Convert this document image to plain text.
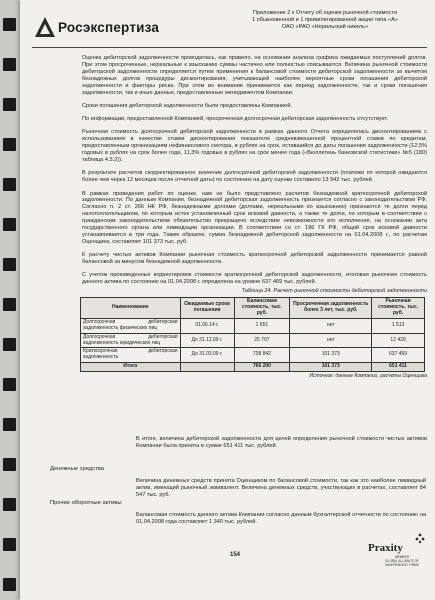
Росэкспертиза
Приложение 2 к Отчету об оценке рыночной стоимости
1 обыкновенной и 1 привилегированной акции типа «А»
ОАО «РАО «Норильский никель»

Оценка дебиторской задолженности проводилась, как правило, на основании анализа графика ожидаемых поступлений долгов. При этом просроченные, нереальные к взысканию суммы частично или полностью списываются. Величина рыночной стоимости дебиторской задолженности определяется путем применения к балансовой стоимости дебиторской задолженности за вычетом безнадежных долгов процедуры дисконтирования, учитывающей наиболее вероятные сроки погашения дебиторской задолженности и факторы риска. При этом во внимание принимается как период задолженности, так и сроки погашения задолженности, так и иные данные, предоставленные менеджментом Компании.

Сроки погашения дебиторской задолженности были предоставлены Компанией.

По информации, предоставленной Компанией, просроченная долгосрочная дебиторская задолженность отсутствует.

Рыночная стоимость долгосрочной дебиторской задолженности в рамках данного Отчета определялась дисконтированием с использованием в качестве ставки дисконтирования показателя средневзвешенной процентной ставки по кредитам, предоставленным организациям нефинансового сектора, в рублях на срок, оставшийся до даты погашения задолженности (12,5% годовых в рублях на срок более года, 11,3% годовых в рублях на срок менее года («Бюллетень банковской статистики» №5 (180) таблица 4.3.2)).

В результате расчетов скорректированное значение долгосрочной дебиторской задолженности (платежи по которой ожидаются более чем через 12 месяцев после отчетной даты) по состоянию на дату оценки составило 13 942 тыс. рублей.

В рамках проведения работ по оценке, нам не было представлено расчетов безнадежной краткосрочной дебиторской задолженности. По данным Компании, безнадежной дебиторская задолженность признается согласно с законодательством РФ. Согласно п. 2 ст. 266 НК РФ, безнадежными долгами (долгами, нереальными ко взысканию) признаются те долги перед налогоплательщиком, по которым истек установленный срок исковой давности, а также те долги, по которым в соответствии с гражданским законодательством обязательство прекращено вследствие невозможности его исполнения, на основании акта государственного органа или ликвидации организации. В соответствии со ст. 196 ГК РФ, общий срок исковой давности устанавливается в три года. Таким образом, сумма безнадежной дебиторской задолженности на 01.04.2008 г., по расчетам Оценщика, составляет 101 373 тыс. руб.

К расчету чистых активов Компании рыночная стоимость краткосрочной дебиторской задолженности принимается равной балансовой за минусом безнадежной задолженности.

С учетом произведенных корректировок стоимости краткосрочной дебиторской задолженности, итоговая рыночная стоимость данного актива по состоянию на 01.04.2008 г. определена на уровне 637 469 тыс. рублей.

Таблица 24. Расчет рыночной стоимости дебиторской задолженности
Наименование	Ожидаемые сроки погашения	Балансовая стоимость, тыс. руб.	Просроченная задолженность более 3 лет, тыс. руб.	Рыночная стоимость, тыс. руб.
Долгосрочная дебиторская задолженность физических лиц	01.06.14 г.	1 651	нет	1 513
Долгосрочная дебиторская задолженность юридических лиц	До 31.12.09 г.	25 707	нет	12 429
Краткосрочная дебиторская задолженность	До 31.03.09 г.	738 842	101 373	637 469
Итого		766 200	101 373	651 411
Источник: данные Компании, расчеты Оценщика

В итоге, величина дебиторской задолженности для целей определения рыночной стоимости чистых активов Компании была принята в сумме 651 411 тыс. рублей.

Денежные средства
Величина денежных средств принята Оценщиком по балансовой стоимости, так как это наиболее ликвидный актив, имеющий рыночный эквивалент. Величина денежных средств, участвующих в расчетах, составляет 84 547 тыс. руб.
Прочие оборотные активы
Балансовая стоимость данного актива Компании согласно данным бухгалтерской отчетности по состоянию на 01.04.2008 года составляет 1 340 тыс. рублей.
154
Praxity
MEMBER
GLOBAL ALLIANCE OF
INDEPENDENT FIRMS
